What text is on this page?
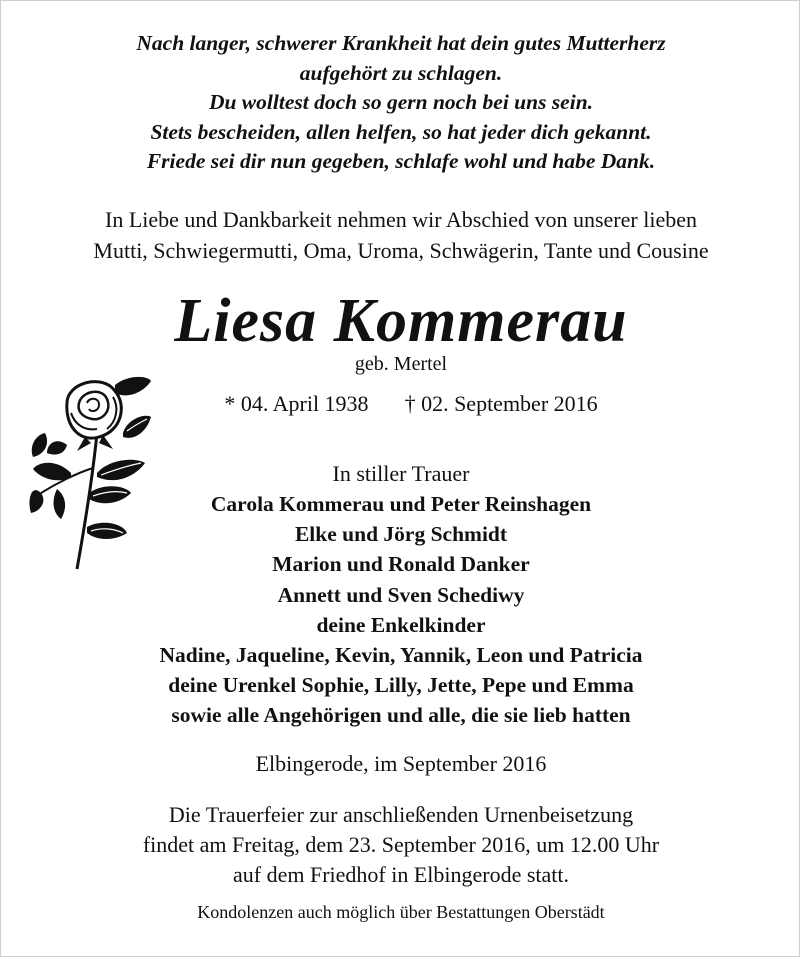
Nach langer, schwerer Krankheit hat dein gutes Mutterherz
aufgehört zu schlagen.
Du wolltest doch so gern noch bei uns sein.
Stets bescheiden, allen helfen, so hat jeder dich gekannt.
Friede sei dir nun gegeben, schlafe wohl und habe Dank.
In Liebe und Dankbarkeit nehmen wir Abschied von unserer lieben
Mutti, Schwiegermutti, Oma, Uroma, Schwägerin, Tante und Cousine
Liesa Kommerau
geb. Mertel
* 04. April 1938 † 02. September 2016
In stiller Trauer
Carola Kommerau und Peter Reinshagen
Elke und Jörg Schmidt
Marion und Ronald Danker
Annett und Sven Schediwy
deine Enkelkinder
Nadine, Jaqueline, Kevin, Yannik, Leon und Patricia
deine Urenkel Sophie, Lilly, Jette, Pepe und Emma
sowie alle Angehörigen und alle, die sie lieb hatten
Elbingerode, im September 2016
Die Trauerfeier zur anschließenden Urnenbeisetzung
findet am Freitag, dem 23. September 2016, um 12.00 Uhr
auf dem Friedhof in Elbingerode statt.
Kondolenzen auch möglich über Bestattungen Oberstädt
